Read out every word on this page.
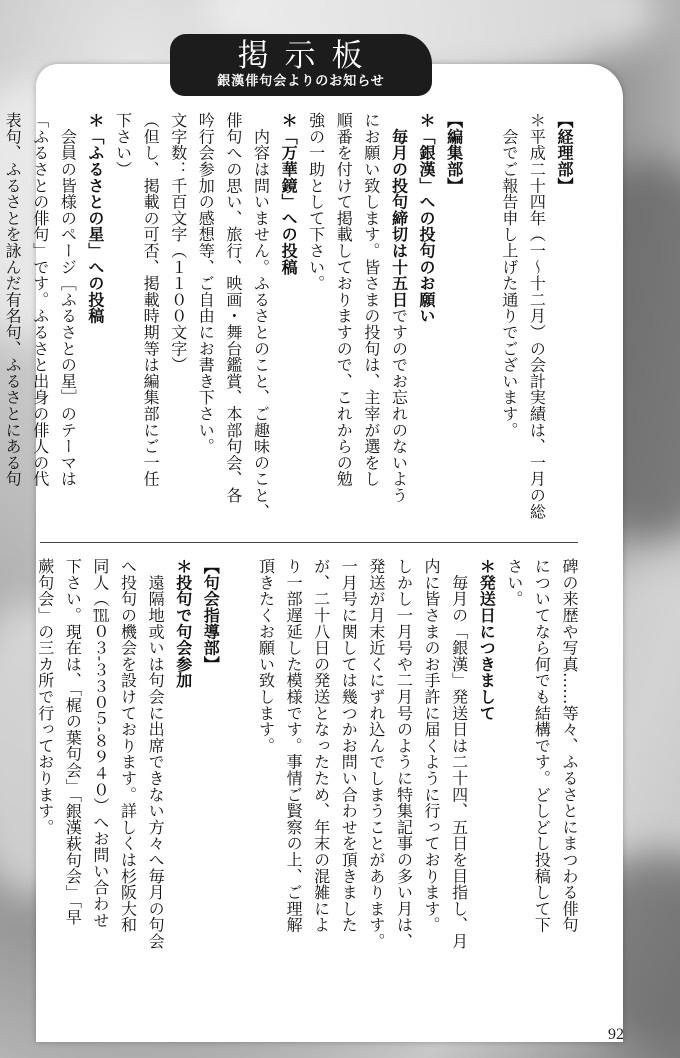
掲示板
銀漢俳句会よりのお知らせ
【経理部】
＊平成二十四年（一〜十二月）の会計実績は、一月の総
　会でご報告申し上げた通りでございます。

【編集部】
＊「銀漢」への投句のお願い
　毎月の投句締切は十五日ですのでお忘れのないよう
にお願い致します。皆さまの投句は、主宰が選をし
順番を付けて掲載しておりますので、これからの勉
強の一助として下さい。
＊「万華鏡」への投稿
　内容は問いません。ふるさとのこと、ご趣味のこと、
俳句への思い、旅行、映画・舞台鑑賞、本部句会、各
吟行会参加の感想等、ご自由にお書き下さい。
文字数：千百文字（１１００文字）
（但し、掲載の可否、掲載時期等は編集部にご一任
下さい）
＊「ふるさとの星」への投稿
　会員の皆様のページ［ふるさとの星］のテーマは
「ふるさとの俳句」です。ふるさと出身の俳人の代
表句、ふるさとを詠んだ有名句、ふるさとにある句
碑の来歴や写真……等々、ふるさとにまつわる俳句
についてなら何でも結構です。どしどし投稿して下
さい。
＊発送日につきまして
　毎月の「銀漢」発送日は二十四、五日を目指し、月
内に皆さまのお手許に届くように行っております。
しかし一月号や二月号のように特集記事の多い月は、
発送が月末近くにずれ込んでしまうことがあります。
一月号に関しては幾つかお問い合わせを頂きました
が、二十八日の発送となったため、年末の混雑によ
り一部遅延した模様です。事情ご賢察の上、ご理解
頂きたくお願い致します。

【句会指導部】
＊投句で句会参加
　遠隔地或いは句会に出席できない方々へ毎月の句会
へ投句の機会を設けております。詳しくは杉阪大和
同人（℡０３-３３０５-８９４０）へお問い合わせ
下さい。現在は、「梶の葉句会」「銀漢萩句会」「早
蕨句会」の三カ所で行っております。
92
